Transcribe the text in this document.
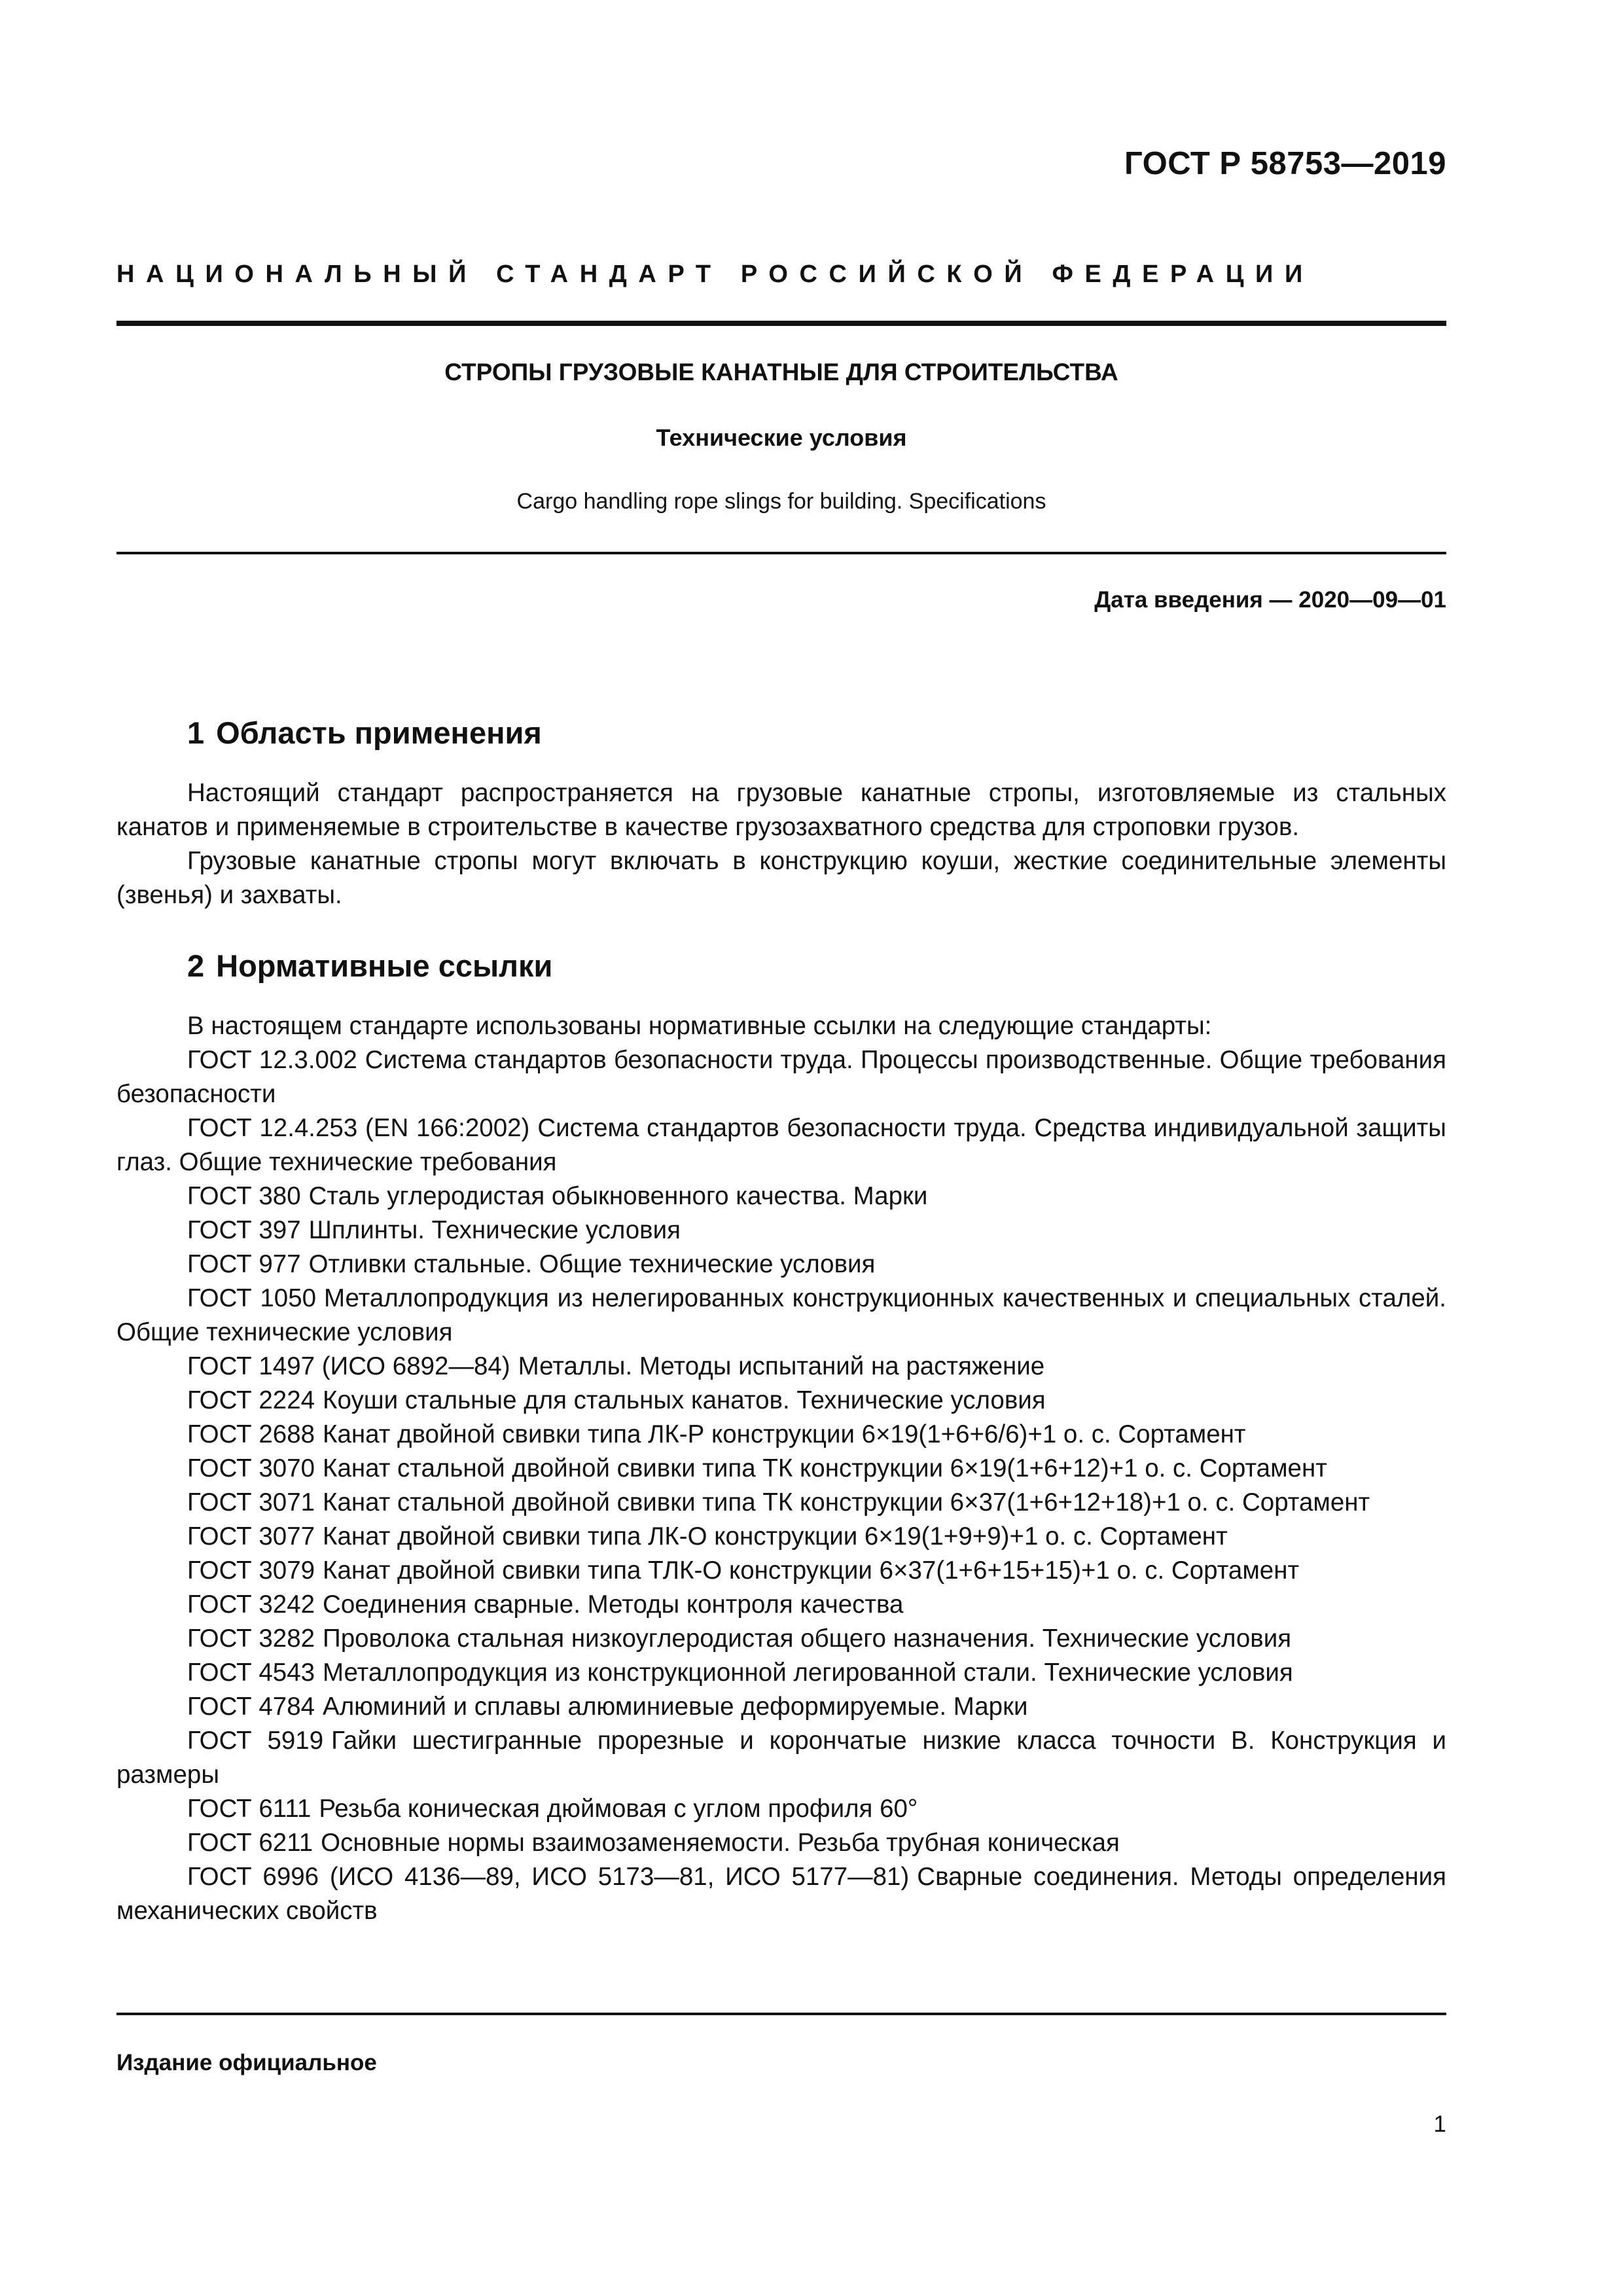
ГОСТ Р 58753—2019
НАЦИОНАЛЬНЫЙ СТАНДАРТ РОССИЙСКОЙ ФЕДЕРАЦИИ
СТРОПЫ ГРУЗОВЫЕ КАНАТНЫЕ ДЛЯ СТРОИТЕЛЬСТВА
Технические условия
Cargo handling rope slings for building. Specifications
Дата введения — 2020—09—01
1 Область применения

Настоящий стандарт распространяется на грузовые канатные стропы, изготовляемые из стальных канатов и применяемые в строительстве в качестве грузозахватного средства для строповки грузов.

Грузовые канатные стропы могут включать в конструкцию коуши, жесткие соединительные элементы (звенья) и захваты.

2 Нормативные ссылки

В настоящем стандарте использованы нормативные ссылки на следующие стандарты:

ГОСТ 12.3.002 Система стандартов безопасности труда. Процессы производственные. Общие требования безопасности

ГОСТ 12.4.253 (EN 166:2002) Система стандартов безопасности труда. Средства индивидуальной защиты глаз. Общие технические требования

ГОСТ 380 Сталь углеродистая обыкновенного качества. Марки

ГОСТ 397 Шплинты. Технические условия

ГОСТ 977 Отливки стальные. Общие технические условия

ГОСТ 1050 Металлопродукция из нелегированных конструкционных качественных и специальных сталей. Общие технические условия

ГОСТ 1497 (ИСО 6892—84) Металлы. Методы испытаний на растяжение

ГОСТ 2224 Коуши стальные для стальных канатов. Технические условия

ГОСТ 2688 Канат двойной свивки типа ЛК-Р конструкции 6×19(1+6+6/6)+1 о. с. Сортамент

ГОСТ 3070 Канат стальной двойной свивки типа ТК конструкции 6×19(1+6+12)+1 о. с. Сортамент

ГОСТ 3071 Канат стальной двойной свивки типа ТК конструкции 6×37(1+6+12+18)+1 о. с. Сортамент

ГОСТ 3077 Канат двойной свивки типа ЛК-О конструкции 6×19(1+9+9)+1 о. с. Сортамент

ГОСТ 3079 Канат двойной свивки типа ТЛК-О конструкции 6×37(1+6+15+15)+1 о. с. Сортамент

ГОСТ 3242 Соединения сварные. Методы контроля качества

ГОСТ 3282 Проволока стальная низкоуглеродистая общего назначения. Технические условия

ГОСТ 4543 Металлопродукция из конструкционной легированной стали. Технические условия

ГОСТ 4784 Алюминий и сплавы алюминиевые деформируемые. Марки

ГОСТ 5919 Гайки шестигранные прорезные и корончатые низкие класса точности В. Конструкция и размеры

ГОСТ 6111 Резьба коническая дюймовая с углом профиля 60°

ГОСТ 6211 Основные нормы взаимозаменяемости. Резьба трубная коническая

ГОСТ 6996 (ИСО 4136—89, ИСО 5173—81, ИСО 5177—81) Сварные соединения. Методы определения механических свойств

Издание официальное
1
